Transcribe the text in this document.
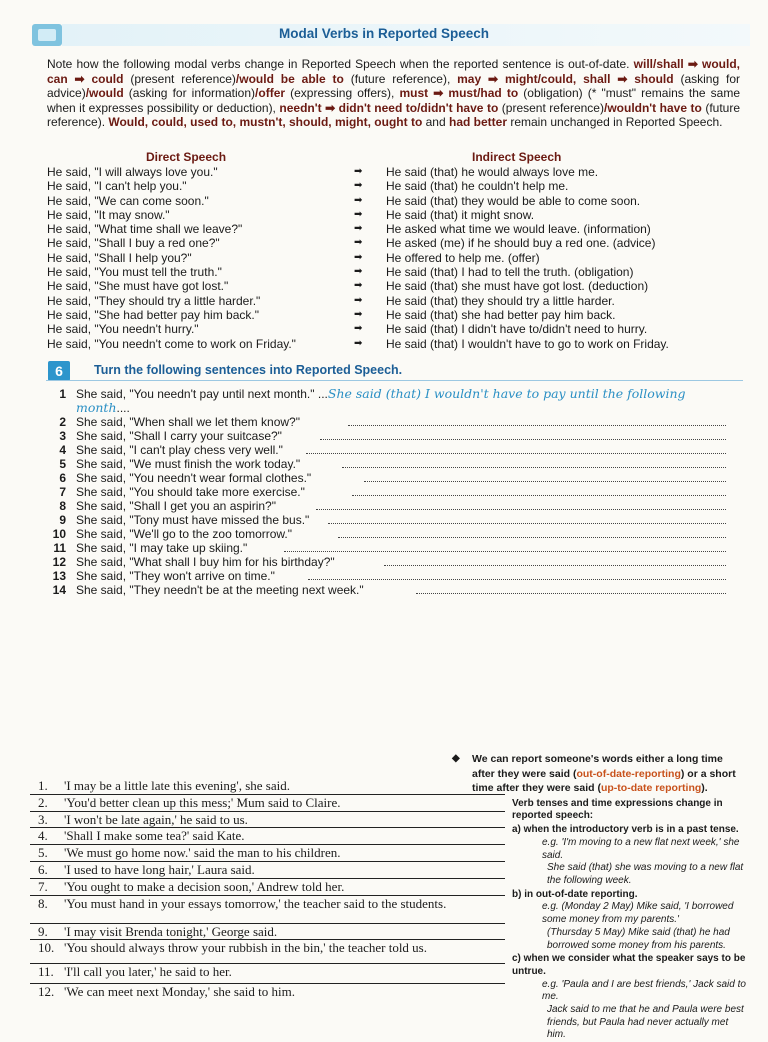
Modal Verbs in Reported Speech

Note how the following modal verbs change in Reported Speech when the reported sentence is out-of-date. will/shall ➡ would, can ➡ could (present reference)/would be able to (future reference), may ➡ might/could, shall ➡ should (asking for advice)/would (asking for information)/offer (expressing offers), must ➡ must/had to (obligation) (* "must" remains the same when it expresses possibility or deduction), needn't ➡ didn't need to/didn't have to (present reference)/wouldn't have to (future reference). Would, could, used to, mustn't, should, might, ought to and had better remain unchanged in Reported Speech.

Direct Speech	Indirect Speech
He said, "I will always love you."	➡ He said (that) he would always love me.
He said, "I can't help you."	➡ He said (that) he couldn't help me.
He said, "We can come soon."	➡ He said (that) they would be able to come soon.
He said, "It may snow."	➡ He said (that) it might snow.
He said, "What time shall we leave?"	➡ He asked what time we would leave. (information)
He said, "Shall I buy a red one?"	➡ He asked (me) if he should buy a red one. (advice)
He said, "Shall I help you?"	➡ He offered to help me. (offer)
He said, "You must tell the truth."	➡ He said (that) I had to tell the truth. (obligation)
He said, "She must have got lost."	➡ He said (that) she must have got lost. (deduction)
He said, "They should try a little harder."	➡ He said (that) they should try a little harder.
He said, "She had better pay him back."	➡ He said (that) she had better pay him back.
He said, "You needn't hurry."	➡ He said (that) I didn't have to/didn't need to hurry.
He said, "You needn't come to work on Friday."	➡ He said (that) I wouldn't have to go to work on Friday.
6	Turn the following sentences into Reported Speech.
1 She said, "You needn't pay until next month." ...She said (that) I wouldn't have to pay until the following
month....
2 She said, "When shall we let them know?"
3 She said, "Shall I carry your suitcase?"
4 She said, "I can't play chess very well."
5 She said, "We must finish the work today."
6 She said, "You needn't wear formal clothes."
7 She said, "You should take more exercise."
8 She said, "Shall I get you an aspirin?"
9 She said, "Tony must have missed the bus."
10 She said, "We'll go to the zoo tomorrow."
11 She said, "I may take up skiing."
12 She said, "What shall I buy him for his birthday?"
13 She said, "They won't arrive on time."
14 She said, "They needn't be at the meeting next week."
1. 'I may be a little late this evening', she said.
2. 'You'd better clean up this mess;' Mum said to Claire.
3. 'I won't be late again,' he said to us.
4. 'Shall I make some tea?' said Kate.
5. 'We must go home now.' said the man to his children.
6. 'I used to have long hair,' Laura said.
7. 'You ought to make a decision soon,' Andrew told her.
8. 'You must hand in your essays tomorrow,' the teacher said to the students.
9. 'I may visit Brenda tonight,' George said.
10. 'You should always throw your rubbish in the bin,' the teacher told us.
11. 'I'll call you later,' he said to her.
12. 'We can meet next Monday,' she said to him.

◆ We can report someone's words either a long time after they were said (out-of-date-reporting) or a short time after they were said (up-to-date reporting).

Verb tenses and time expressions change in reported speech:

a) when the introductory verb is in a past tense.

e.g. 'I'm moving to a new flat next week,' she said.

She said (that) she was moving to a new flat the following week.

b) in out-of-date reporting.

e.g. (Monday 2 May) Mike said, 'I borrowed some money from my parents.'

(Thursday 5 May) Mike said (that) he had borrowed some money from his parents.

c) when we consider what the speaker says to be untrue.

e.g. 'Paula and I are best friends,' Jack said to me.

Jack said to me that he and Paula were best friends, but Paula had never actually met him.
